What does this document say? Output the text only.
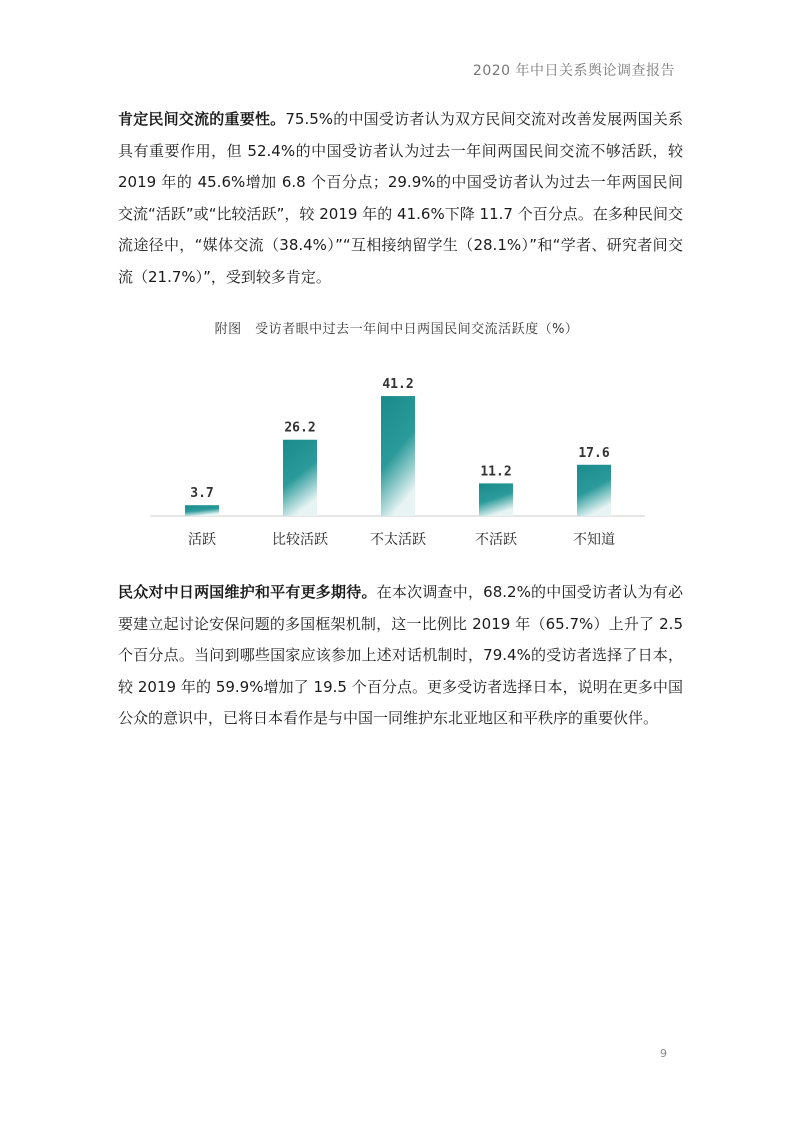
2020 年中日关系舆论调查报告
肯定民间交流的重要性。75.5%的中国受访者认为双方民间交流对改善发展两国关系具有重要作用，但 52.4%的中国受访者认为过去一年间两国民间交流不够活跃，较 2019 年的 45.6%增加 6.8 个百分点；29.9%的中国受访者认为过去一年两国民间交流“活跃”或“比较活跃”，较 2019 年的 41.6%下降 11.7 个百分点。在多种民间交流途径中，“媒体交流（38.4%）”“互相接纳留学生（28.1%）”和“学者、研究者间交流（21.7%）”，受到较多肯定。
附图　受访者眼中过去一年间中日两国民间交流活跃度（%）
3.7
活跃
26.2
比较活跃
41.2
不太活跃
11.2
不活跃
17.6
不知道
民众对中日两国维护和平有更多期待。在本次调查中，68.2%的中国受访者认为有必要建立起讨论安保问题的多国框架机制，这一比例比 2019 年（65.7%）上升了 2.5 个百分点。当问到哪些国家应该参加上述对话机制时，79.4%的受访者选择了日本，较 2019 年的 59.9%增加了 19.5 个百分点。更多受访者选择日本，说明在更多中国公众的意识中，已将日本看作是与中国一同维护东北亚地区和平秩序的重要伙伴。
9
